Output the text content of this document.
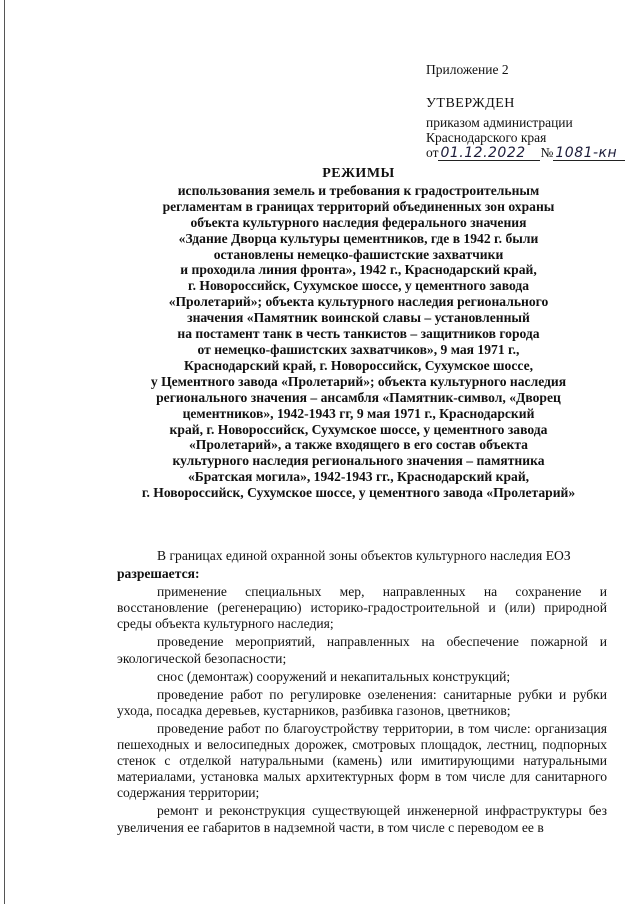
Приложение 2
УТВЕРЖДЕН
приказом администрации
Краснодарского края
от 01.12.2022 № 1081-кн
РЕЖИМЫ
использования земель и требования к градостроительным
регламентам в границах территорий объединенных зон охраны
объекта культурного наследия федерального значения
«Здание Дворца культуры цементников, где в 1942 г. были
остановлены немецко-фашистские захватчики
и проходила линия фронта», 1942 г., Краснодарский край,
г. Новороссийск, Сухумское шоссе, у цементного завода
«Пролетарий»; объекта культурного наследия регионального
значения «Памятник воинской славы – установленный
на постамент танк в честь танкистов – защитников города
от немецко-фашистских захватчиков», 9 мая 1971 г.,
Краснодарский край, г. Новороссийск, Сухумское шоссе,
у Цементного завода «Пролетарий»; объекта культурного наследия
регионального значения – ансамбля «Памятник-символ, «Дворец
цементников», 1942-1943 гг, 9 мая 1971 г., Краснодарский
край, г. Новороссийск, Сухумское шоссе, у цементного завода
«Пролетарий», а также входящего в его состав объекта
культурного наследия регионального значения – памятника
«Братская могила», 1942-1943 гг., Краснодарский край,
г. Новороссийск, Сухумское шоссе, у цементного завода «Пролетарий»
В границах единой охранной зоны объектов культурного наследия ЕОЗ
разрешается:

применение специальных мер, направленных на сохранение и восстановление (регенерацию) историко-градостроительной и (или) природной среды объекта культурного наследия;

проведение мероприятий, направленных на обеспечение пожарной и экологической безопасности;

снос (демонтаж) сооружений и некапитальных конструкций;

проведение работ по регулировке озеленения: санитарные рубки и рубки ухода, посадка деревьев, кустарников, разбивка газонов, цветников;

проведение работ по благоустройству территории, в том числе: организация пешеходных и велосипедных дорожек, смотровых площадок, лестниц, подпорных стенок с отделкой натуральными (камень) или имитирующими натуральными материалами, установка малых архитектурных форм в том числе для санитарного содержания территории;

ремонт и реконструкция существующей инженерной инфраструктуры без увеличения ее габаритов в надземной части, в том числе с переводом ее в
